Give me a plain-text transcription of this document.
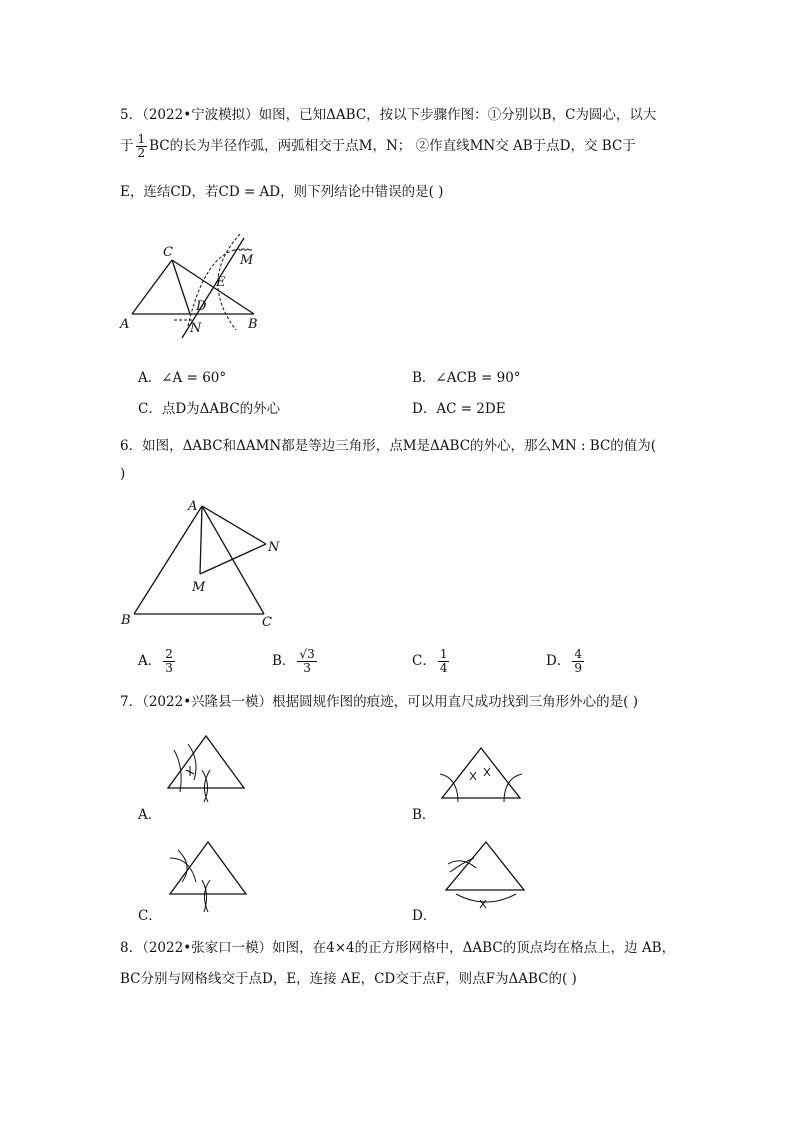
5．（2022•宁波模拟）如图，已知ΔABC，按以下步骤作图：①分别以B，C为圆心，以大
于 $\frac{1}{2}$ BC的长为半径作弧，两弧相交于点M，N； ②作直线MN交 AB于点D，交 BC于
E，连结CD，若CD = AD，则下列结论中错误的是( )
A	B
C
D
E
M
N
A．∠A = 60°	B．∠ACB = 90°
C．点D为ΔABC的外心	D．AC = 2DE
6．如图，ΔABC和ΔAMN都是等边三角形，点M是ΔABC的外心，那么MN : BC的值为(
)
A
B	C
M
N
A． $\frac{2}{3}$	B． $\frac{√3}{3}$	C． $\frac{1}{4}$	D． $\frac{4}{9}$
7．（2022•兴隆县一模）根据圆规作图的痕迹，可以用直尺成功找到三角形外心的是( )
A．	B．
C．	D．
8．（2022•张家口一模）如图，在4×4的正方形网格中，ΔABC的顶点均在格点上，边 AB，
BC分别与网格线交于点D，E，连接 AE，CD交于点F，则点F为ΔABC的( )
